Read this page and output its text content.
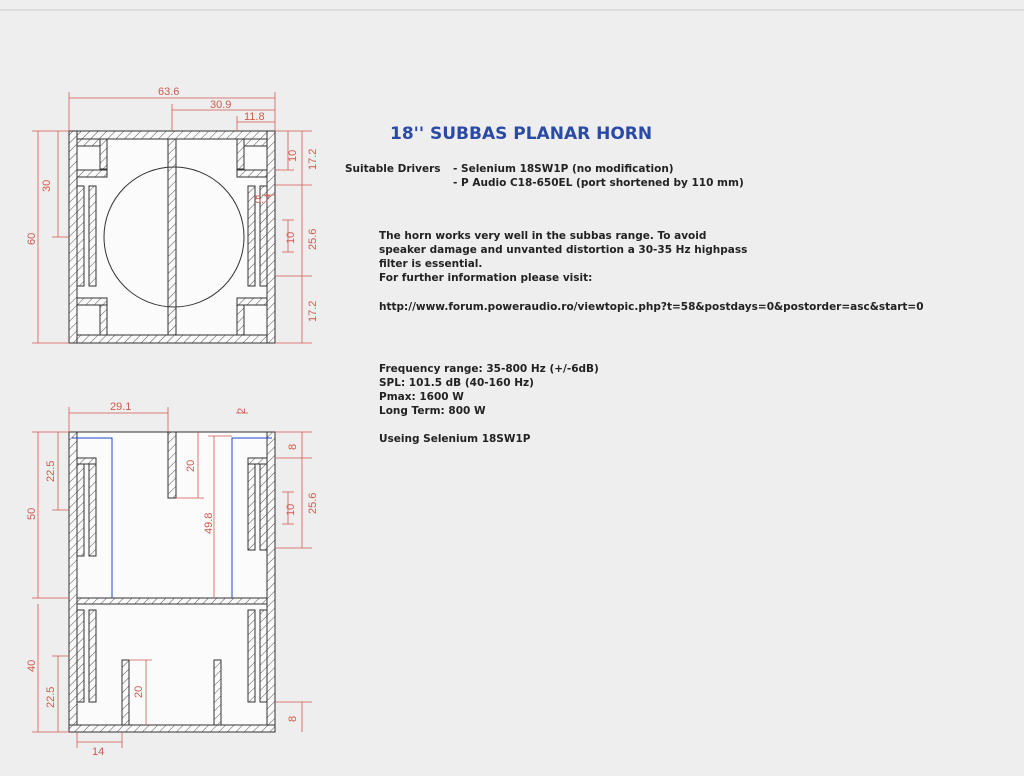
63.6
30.9
11.8
60
30
10 17.2
5.7
10 25.6
17.2
29.1	2
50
22.5	20
49.8
8
10 25.6
40
22.5	20
8
14
18'' SUBBAS PLANAR HORN
Suitable Drivers - Selenium 18SW1P (no modification)
- P Audio C18-650EL (port shortened by 110 mm)
The horn works very well in the subbas range. To avoid
speaker damage and unvanted distortion a 30-35 Hz highpass
filter is essential.
For further information please visit:
http://www.forum.poweraudio.ro/viewtopic.php?t=58&postdays=0&postorder=asc&start=0
Frequency range: 35-800 Hz (+/-6dB)
SPL: 101.5 dB (40-160 Hz)
Pmax: 1600 W
Long Term: 800 W
Useing Selenium 18SW1P
